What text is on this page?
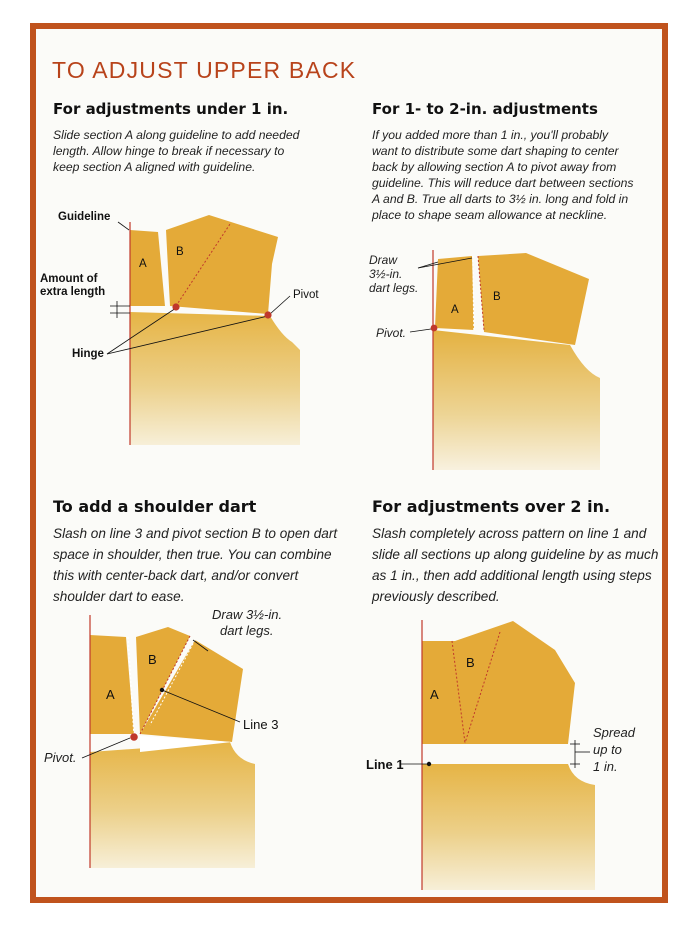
TO ADJUST UPPER BACK
For adjustments under 1 in.
Slide section A along guideline to add needed
length. Allow hinge to break if necessary to
keep section A aligned with guideline.
For 1- to 2-in. adjustments
If you added more than 1 in., you'll probably
want to distribute some dart shaping to center
back by allowing section A to pivot away from
guideline. This will reduce dart between sections
A and B. True all darts to 3½ in. long and fold in
place to shape seam allowance at neckline.
To add a shoulder dart
Slash on line 3 and pivot section B to open dart
space in shoulder, then true. You can combine
this with center-back dart, and/or convert
shoulder dart to ease.
For adjustments over 2 in.
Slash completely across pattern on line 1 and
slide all sections up along guideline by as much
as 1 in., then add additional length using steps
previously described.
Guideline
Amount of
extra length
Hinge
Pivot
A
B
Draw
3½-in.
dart legs.
Pivot.
A
B
Draw 3½-in.
dart legs.
Line 3
Pivot.
A
B
Line 1
Spread
up to
1 in.
A
B
